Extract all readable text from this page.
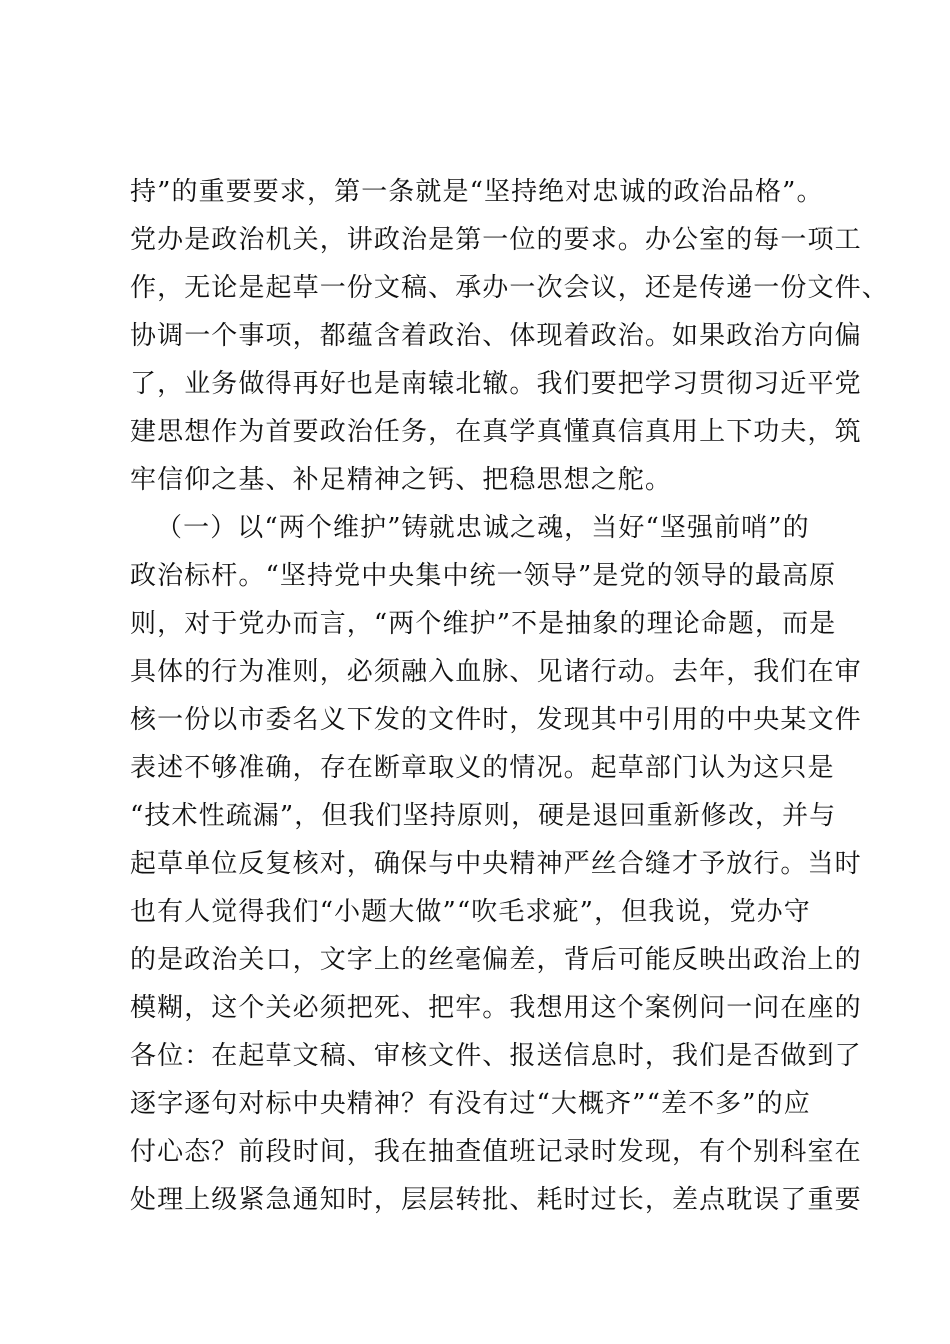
持”的重要要求，第一条就是“坚持绝对忠诚的政治品格”。
党办是政治机关，讲政治是第一位的要求。办公室的每一项工
作，无论是起草一份文稿、承办一次会议，还是传递一份文件、
协调一个事项，都蕴含着政治、体现着政治。如果政治方向偏
了，业务做得再好也是南辕北辙。我们要把学习贯彻习近平党
建思想作为首要政治任务，在真学真懂真信真用上下功夫，筑
牢信仰之基、补足精神之钙、把稳思想之舵。
（一）以“两个维护”铸就忠诚之魂，当好“坚强前哨”的
政治标杆。“坚持党中央集中统一领导”是党的领导的最高原
则，对于党办而言，“两个维护”不是抽象的理论命题，而是
具体的行为准则，必须融入血脉、见诸行动。去年，我们在审
核一份以市委名义下发的文件时，发现其中引用的中央某文件
表述不够准确，存在断章取义的情况。起草部门认为这只是
“技术性疏漏”，但我们坚持原则，硬是退回重新修改，并与
起草单位反复核对，确保与中央精神严丝合缝才予放行。当时
也有人觉得我们“小题大做”“吹毛求疵”，但我说，党办守
的是政治关口，文字上的丝毫偏差，背后可能反映出政治上的
模糊，这个关必须把死、把牢。我想用这个案例问一问在座的
各位：在起草文稿、审核文件、报送信息时，我们是否做到了
逐字逐句对标中央精神？有没有过“大概齐”“差不多”的应
付心态？前段时间，我在抽查值班记录时发现，有个别科室在
处理上级紧急通知时，层层转批、耗时过长，差点耽误了重要
